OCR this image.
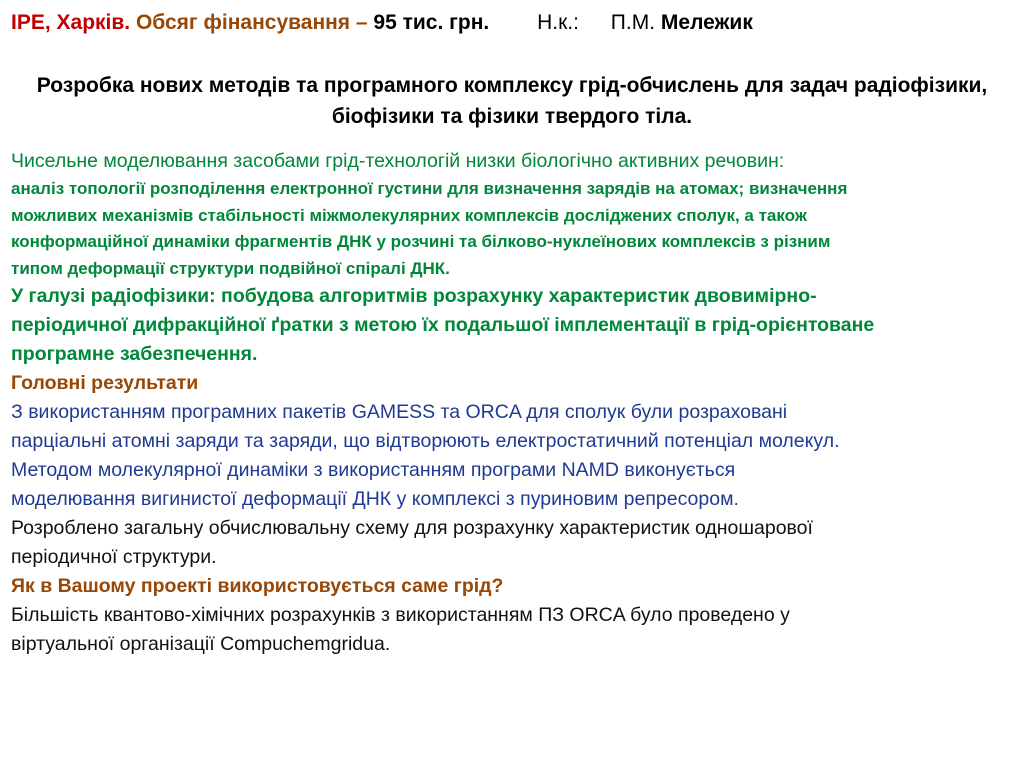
ІРЕ, Харків. Обсяг фінансування – 95 тис. грн. Н.к.: П.М. Мележик
Розробка нових методів та програмного комплексу грід-обчислень для задач радіофізики, біофізики та фізики твердого тіла.

Чисельне моделювання засобами грід-технологій низки біологічно активних речовин:

аналіз топології розподілення електронної густини для визначення зарядів на атомах; визначення

можливих механізмів стабільності міжмолекулярних комплексів досліджених сполук, а також

конформаційної динаміки фрагментів ДНК у розчині та білково-нуклеїнових комплексів з різним

типом деформації структури подвійної спіралі ДНК.

У галузі радіофізики: побудова алгоритмів розрахунку характеристик двовимірно-

періодичної дифракційної ґратки з метою їх подальшої імплементації в грід-орієнтоване

програмне забезпечення.

Головні результати

З використанням програмних пакетів GAMESS та ORCA для сполук були розраховані

парціальні атомні заряди та заряди, що відтворюють електростатичний потенціал молекул.

Методом молекулярної динаміки з використанням програми NAMD виконується

моделювання вигинистої деформації ДНК у комплексі з пуриновим репресором.

Розроблено загальну обчислювальну схему для розрахунку характеристик одношарової

періодичної структури.

Як в Вашому проекті використовується саме грід?

Більшість квантово-хімічних розрахунків з використанням ПЗ ORCA було проведено у

віртуальної організації Compuchemgridua.
